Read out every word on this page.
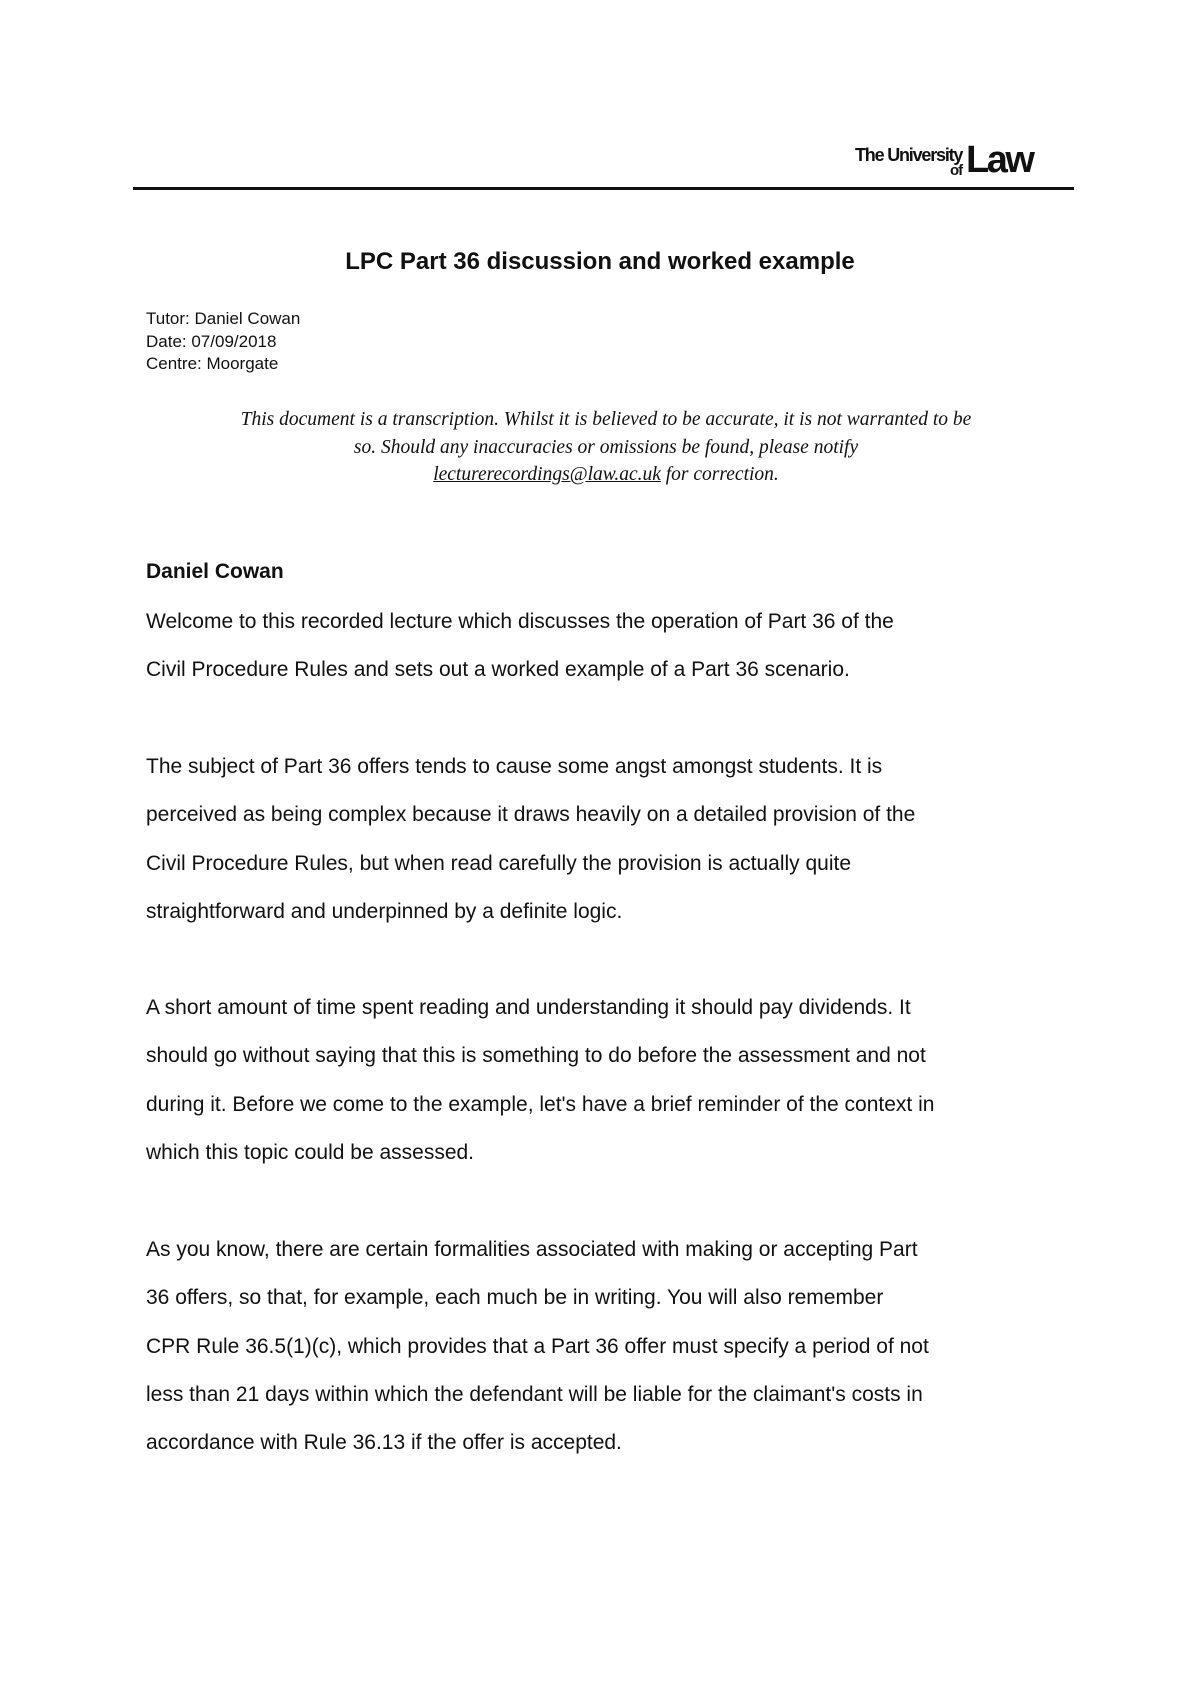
The University
of Law
LPC Part 36 discussion and worked example
Tutor: Daniel Cowan
Date: 07/09/2018
Centre: Moorgate
This document is a transcription. Whilst it is believed to be accurate, it is not warranted to be
so. Should any inaccuracies or omissions be found, please notify
lecturerecordings@law.ac.uk for correction.
Daniel Cowan
Welcome to this recorded lecture which discusses the operation of Part 36 of the
Civil Procedure Rules and sets out a worked example of a Part 36 scenario.
The subject of Part 36 offers tends to cause some angst amongst students. It is
perceived as being complex because it draws heavily on a detailed provision of the
Civil Procedure Rules, but when read carefully the provision is actually quite
straightforward and underpinned by a definite logic.
A short amount of time spent reading and understanding it should pay dividends. It
should go without saying that this is something to do before the assessment and not
during it. Before we come to the example, let's have a brief reminder of the context in
which this topic could be assessed.
As you know, there are certain formalities associated with making or accepting Part
36 offers, so that, for example, each much be in writing. You will also remember
CPR Rule 36.5(1)(c), which provides that a Part 36 offer must specify a period of not
less than 21 days within which the defendant will be liable for the claimant's costs in
accordance with Rule 36.13 if the offer is accepted.
